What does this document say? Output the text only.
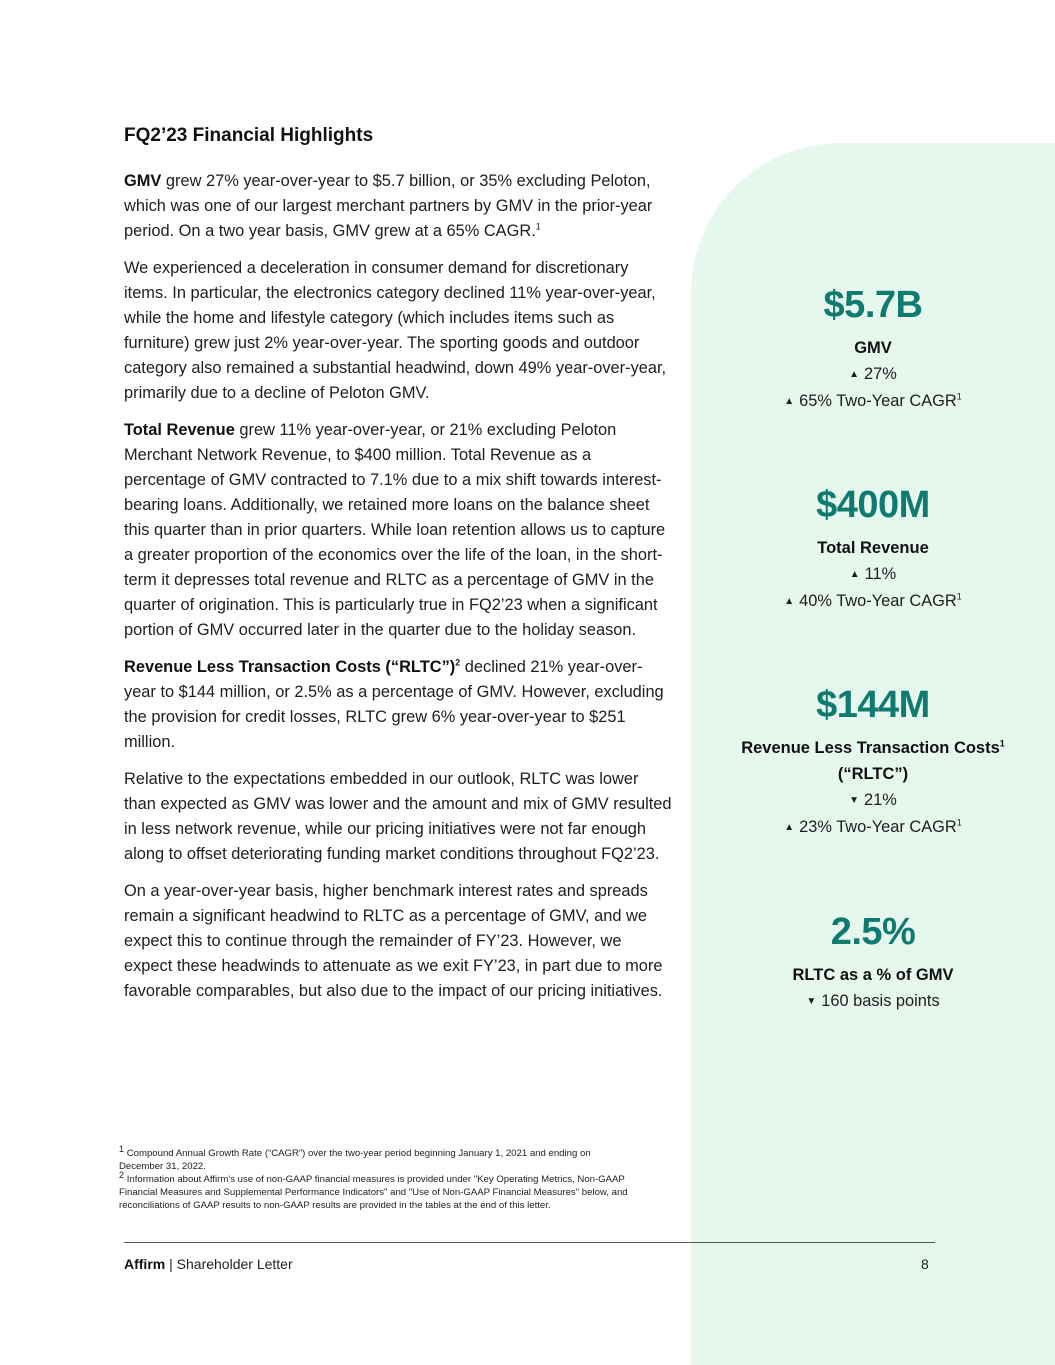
FQ2’23 Financial Highlights

GMV grew 27% year-over-year to $5.7 billion, or 35% excluding Peloton, which was one of our largest merchant partners by GMV in the prior-year period. On a two year basis, GMV grew at a 65% CAGR.$^1$

We experienced a deceleration in consumer demand for discretionary items. In particular, the electronics category declined 11% year-over-year, while the home and lifestyle category (which includes items such as furniture) grew just 2% year-over-year. The sporting goods and outdoor category also remained a substantial headwind, down 49% year-over-year, primarily due to a decline of Peloton GMV.

Total Revenue grew 11% year-over-year, or 21% excluding Peloton Merchant Network Revenue, to $400 million. Total Revenue as a percentage of GMV contracted to 7.1% due to a mix shift towards interest-bearing loans. Additionally, we retained more loans on the balance sheet this quarter than in prior quarters. While loan retention allows us to capture a greater proportion of the economics over the life of the loan, in the short-term it depresses total revenue and RLTC as a percentage of GMV in the quarter of origination. This is particularly true in FQ2’23 when a significant portion of GMV occurred later in the quarter due to the holiday season.

Revenue Less Transaction Costs (“RLTC”)$^2$ declined 21% year-over-year to $144 million, or 2.5% as a percentage of GMV. However, excluding the provision for credit losses, RLTC grew 6% year-over-year to $251 million.

Relative to the expectations embedded in our outlook, RLTC was lower than expected as GMV was lower and the amount and mix of GMV resulted in less network revenue, while our pricing initiatives were not far enough along to offset deteriorating funding market conditions throughout FQ2’23.

On a year-over-year basis, higher benchmark interest rates and spreads remain a significant headwind to RLTC as a percentage of GMV, and we expect this to continue through the remainder of FY’23. However, we expect these headwinds to attenuate as we exit FY’23, in part due to more favorable comparables, but also due to the impact of our pricing initiatives.

$^1$ Compound Annual Growth Rate (“CAGR”) over the two-year period beginning January 1, 2021 and ending on December 31, 2022.

$^2$ Information about Affirm's use of non-GAAP financial measures is provided under "Key Operating Metrics, Non-GAAP Financial Measures and Supplemental Performance Indicators" and "Use of Non-GAAP Financial Measures" below, and reconciliations of GAAP results to non-GAAP results are provided in the tables at the end of this letter.

Affirm | Shareholder Letter	8
$5.7B
GMV
▲ 27%
▲ 65% Two-Year CAGR$^1$
$400M
Total Revenue
▲ 11%
▲ 40% Two-Year CAGR$^1$
$144M
Revenue Less Transaction Costs$^1$
(“RLTC”)
▼ 21%
▲ 23% Two-Year CAGR$^1$
2.5%
RLTC as a % of GMV
▼ 160 basis points
